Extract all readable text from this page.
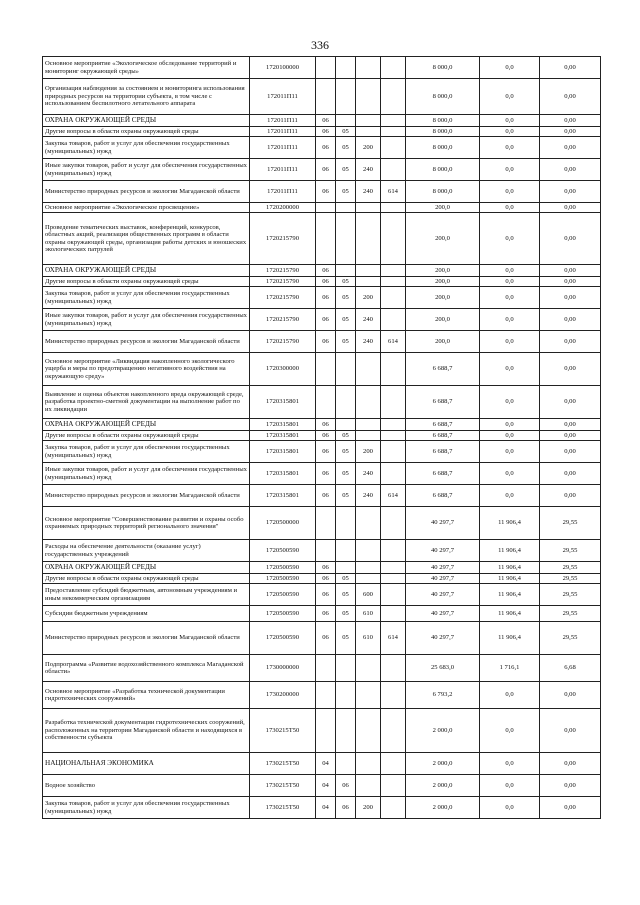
336
Основное мероприятие «Экологическое обследование территорий и мониторинг окружающей среды»	1720100000					8 000,0	0,0	0,00
Организация наблюдения за состоянием и мониторинга использования природных ресурсов на территории субъекта, в том числе с использованием беспилотного летательного аппарата	172011П11					8 000,0	0,0	0,00
ОХРАНА ОКРУЖАЮЩЕЙ СРЕДЫ	172011П11	06				8 000,0	0,0	0,00
Другие вопросы в области охраны окружающей среды	172011П11	06	05			8 000,0	0,0	0,00
Закупка товаров, работ и услуг для обеспечения государственных (муниципальных) нужд	172011П11	06	05	200		8 000,0	0,0	0,00
Иные закупки товаров, работ и услуг для обеспечения государственных (муниципальных) нужд	172011П11	06	05	240		8 000,0	0,0	0,00
Министерство природных ресурсов и экологии Магаданской области	172011П11	06	05	240	614	8 000,0	0,0	0,00
Основное мероприятие «Экологическое просвещение»	1720200000					200,0	0,0	0,00
Проведение тематических выставок, конференций, конкурсов, областных акций, реализация общественных программ в области охраны окружающей среды, организация работы детских и юношеских экологических патрулей	1720215790					200,0	0,0	0,00
ОХРАНА ОКРУЖАЮЩЕЙ СРЕДЫ	1720215790	06				200,0	0,0	0,00
Другие вопросы в области охраны окружающей среды	1720215790	06	05			200,0	0,0	0,00
Закупка товаров, работ и услуг для обеспечения государственных (муниципальных) нужд	1720215790	06	05	200		200,0	0,0	0,00
Иные закупки товаров, работ и услуг для обеспечения государственных (муниципальных) нужд	1720215790	06	05	240		200,0	0,0	0,00
Министерство природных ресурсов и экологии Магаданской области	1720215790	06	05	240	614	200,0	0,0	0,00
Основное мероприятие «Ликвидация накопленного экологического ущерба и меры по предотвращению негативного воздействия на окружающую среду»	1720300000					6 688,7	0,0	0,00
Выявление и оценка объектов накопленного вреда окружающей среде, разработка проектно-сметной документации на выполнение работ по их ликвидации	1720315801					6 688,7	0,0	0,00
ОХРАНА ОКРУЖАЮЩЕЙ СРЕДЫ	1720315801	06				6 688,7	0,0	0,00
Другие вопросы в области охраны окружающей среды	1720315801	06	05			6 688,7	0,0	0,00
Закупка товаров, работ и услуг для обеспечения государственных (муниципальных) нужд	1720315801	06	05	200		6 688,7	0,0	0,00
Иные закупки товаров, работ и услуг для обеспечения государственных (муниципальных) нужд	1720315801	06	05	240		6 688,7	0,0	0,00
Министерство природных ресурсов и экологии Магаданской области	1720315801	06	05	240	614	6 688,7	0,0	0,00
Основное мероприятие "Совершенствование развития и охраны особо охраняемых природных территорий регионального значения"	1720500000					40 297,7	11 906,4	29,55
Расходы на обеспечение деятельности (оказание услуг) государственных учреждений	1720500590					40 297,7	11 906,4	29,55
ОХРАНА ОКРУЖАЮЩЕЙ СРЕДЫ	1720500590	06				40 297,7	11 906,4	29,55
Другие вопросы в области охраны окружающей среды	1720500590	06	05			40 297,7	11 906,4	29,55
Предоставление субсидий бюджетным, автономным учреждениям и иным некоммерческим организациям	1720500590	06	05	600		40 297,7	11 906,4	29,55
Субсидии бюджетным учреждениям	1720500590	06	05	610		40 297,7	11 906,4	29,55
Министерство природных ресурсов и экологии Магаданской области	1720500590	06	05	610	614	40 297,7	11 906,4	29,55
Подпрограмма «Развитие водохозяйственного комплекса Магаданской области»	1730000000					25 683,0	1 716,1	6,68
Основное мероприятие «Разработка технической документации гидротехнических сооружений»	1730200000					6 793,2	0,0	0,00
Разработка технической документации гидротехнических сооружений, расположенных на территории Магаданской области и находящихся в собственности субъекта	1730215Т50					2 000,0	0,0	0,00
НАЦИОНАЛЬНАЯ ЭКОНОМИКА	1730215Т50	04				2 000,0	0,0	0,00
Водное хозяйство	1730215Т50	04	06			2 000,0	0,0	0,00
Закупка товаров, работ и услуг для обеспечения государственных (муниципальных) нужд	1730215Т50	04	06	200		2 000,0	0,0	0,00
